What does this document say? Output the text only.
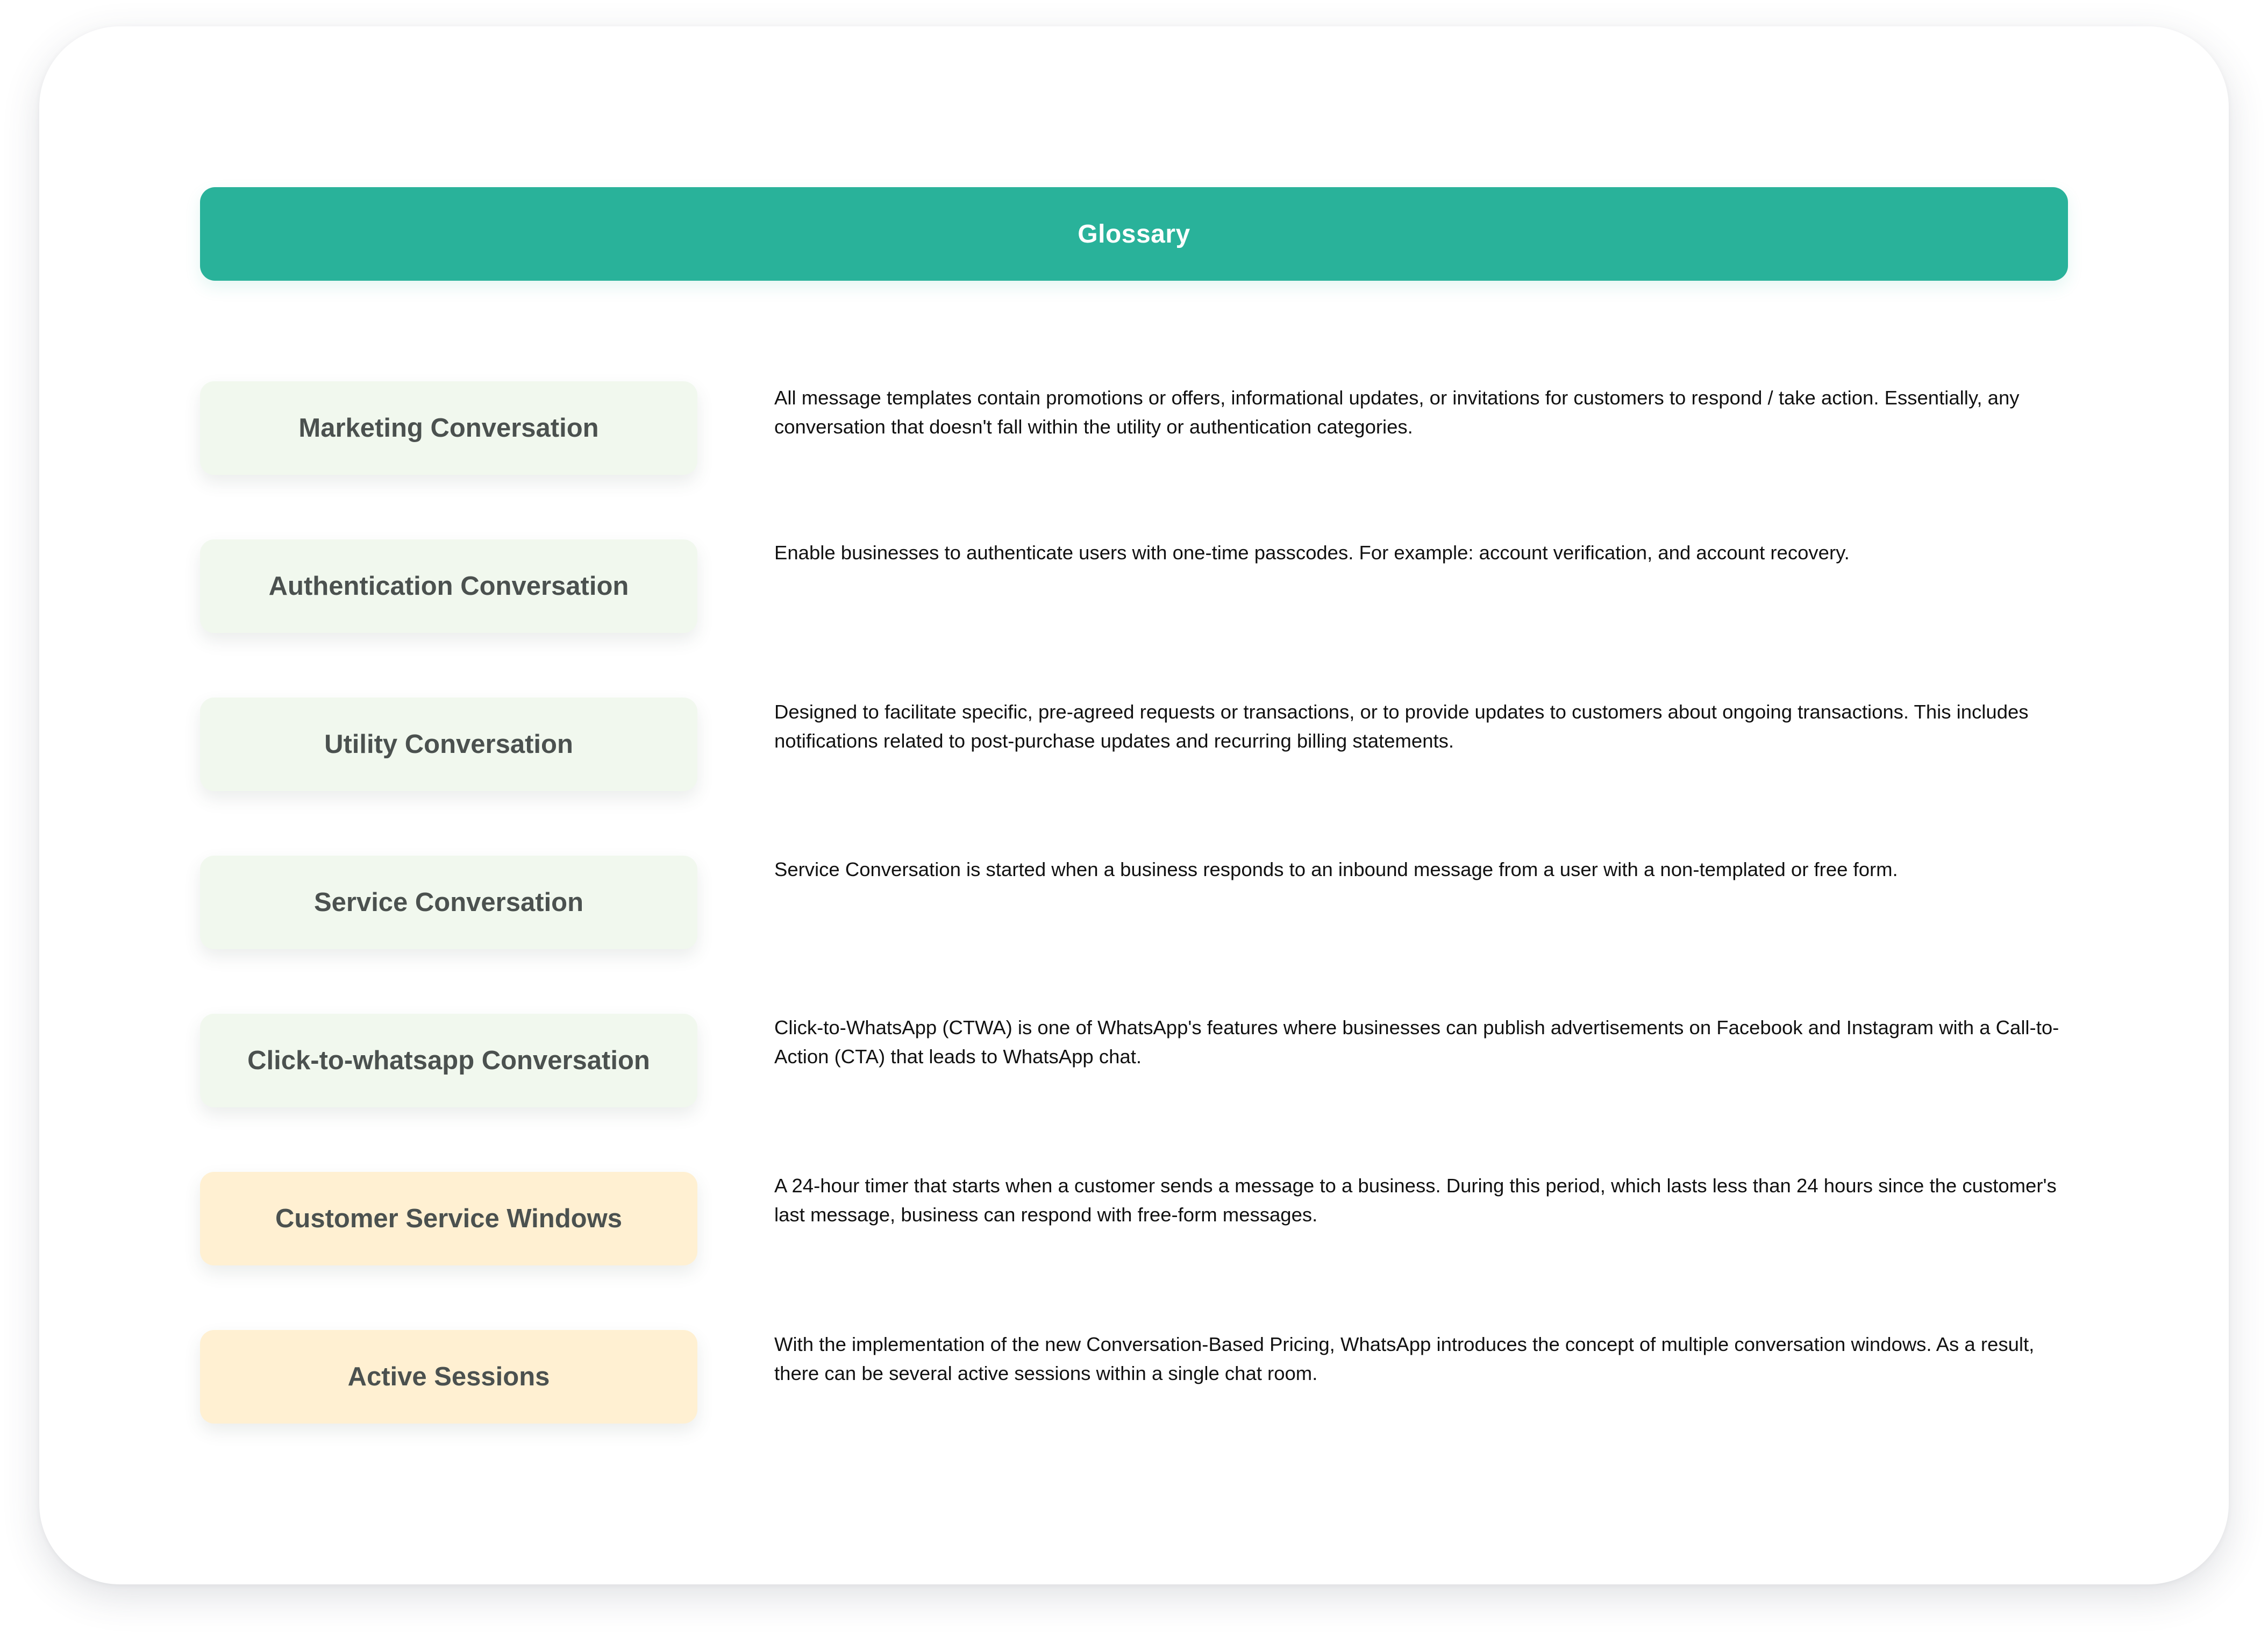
Glossary
Marketing Conversation
All message templates contain promotions or offers, informational updates, or invitations for customers to respond / take action. Essentially, any conversation that doesn't fall within the utility or authentication categories.
Authentication Conversation
Enable businesses to authenticate users with one-time passcodes. For example: account verification, and account recovery.
Utility Conversation
Designed to facilitate specific, pre-agreed requests or transactions, or to provide updates to customers about ongoing transactions. This includes notifications related to post-purchase updates and recurring billing statements.
Service Conversation
Service Conversation is started when a business responds to an inbound message from a user with a non-templated or free form.
Click-to-whatsapp Conversation
Click-to-WhatsApp (CTWA) is one of WhatsApp's features where businesses can publish advertisements on Facebook and Instagram with a Call-to-Action (CTA) that leads to WhatsApp chat.
Customer Service Windows
A 24-hour timer that starts when a customer sends a message to a business. During this period, which lasts less than 24 hours since the customer's last message, business can respond with free-form messages.
Active Sessions
With the implementation of the new Conversation-Based Pricing, WhatsApp introduces the concept of multiple conversation windows. As a result, there can be several active sessions within a single chat room.
